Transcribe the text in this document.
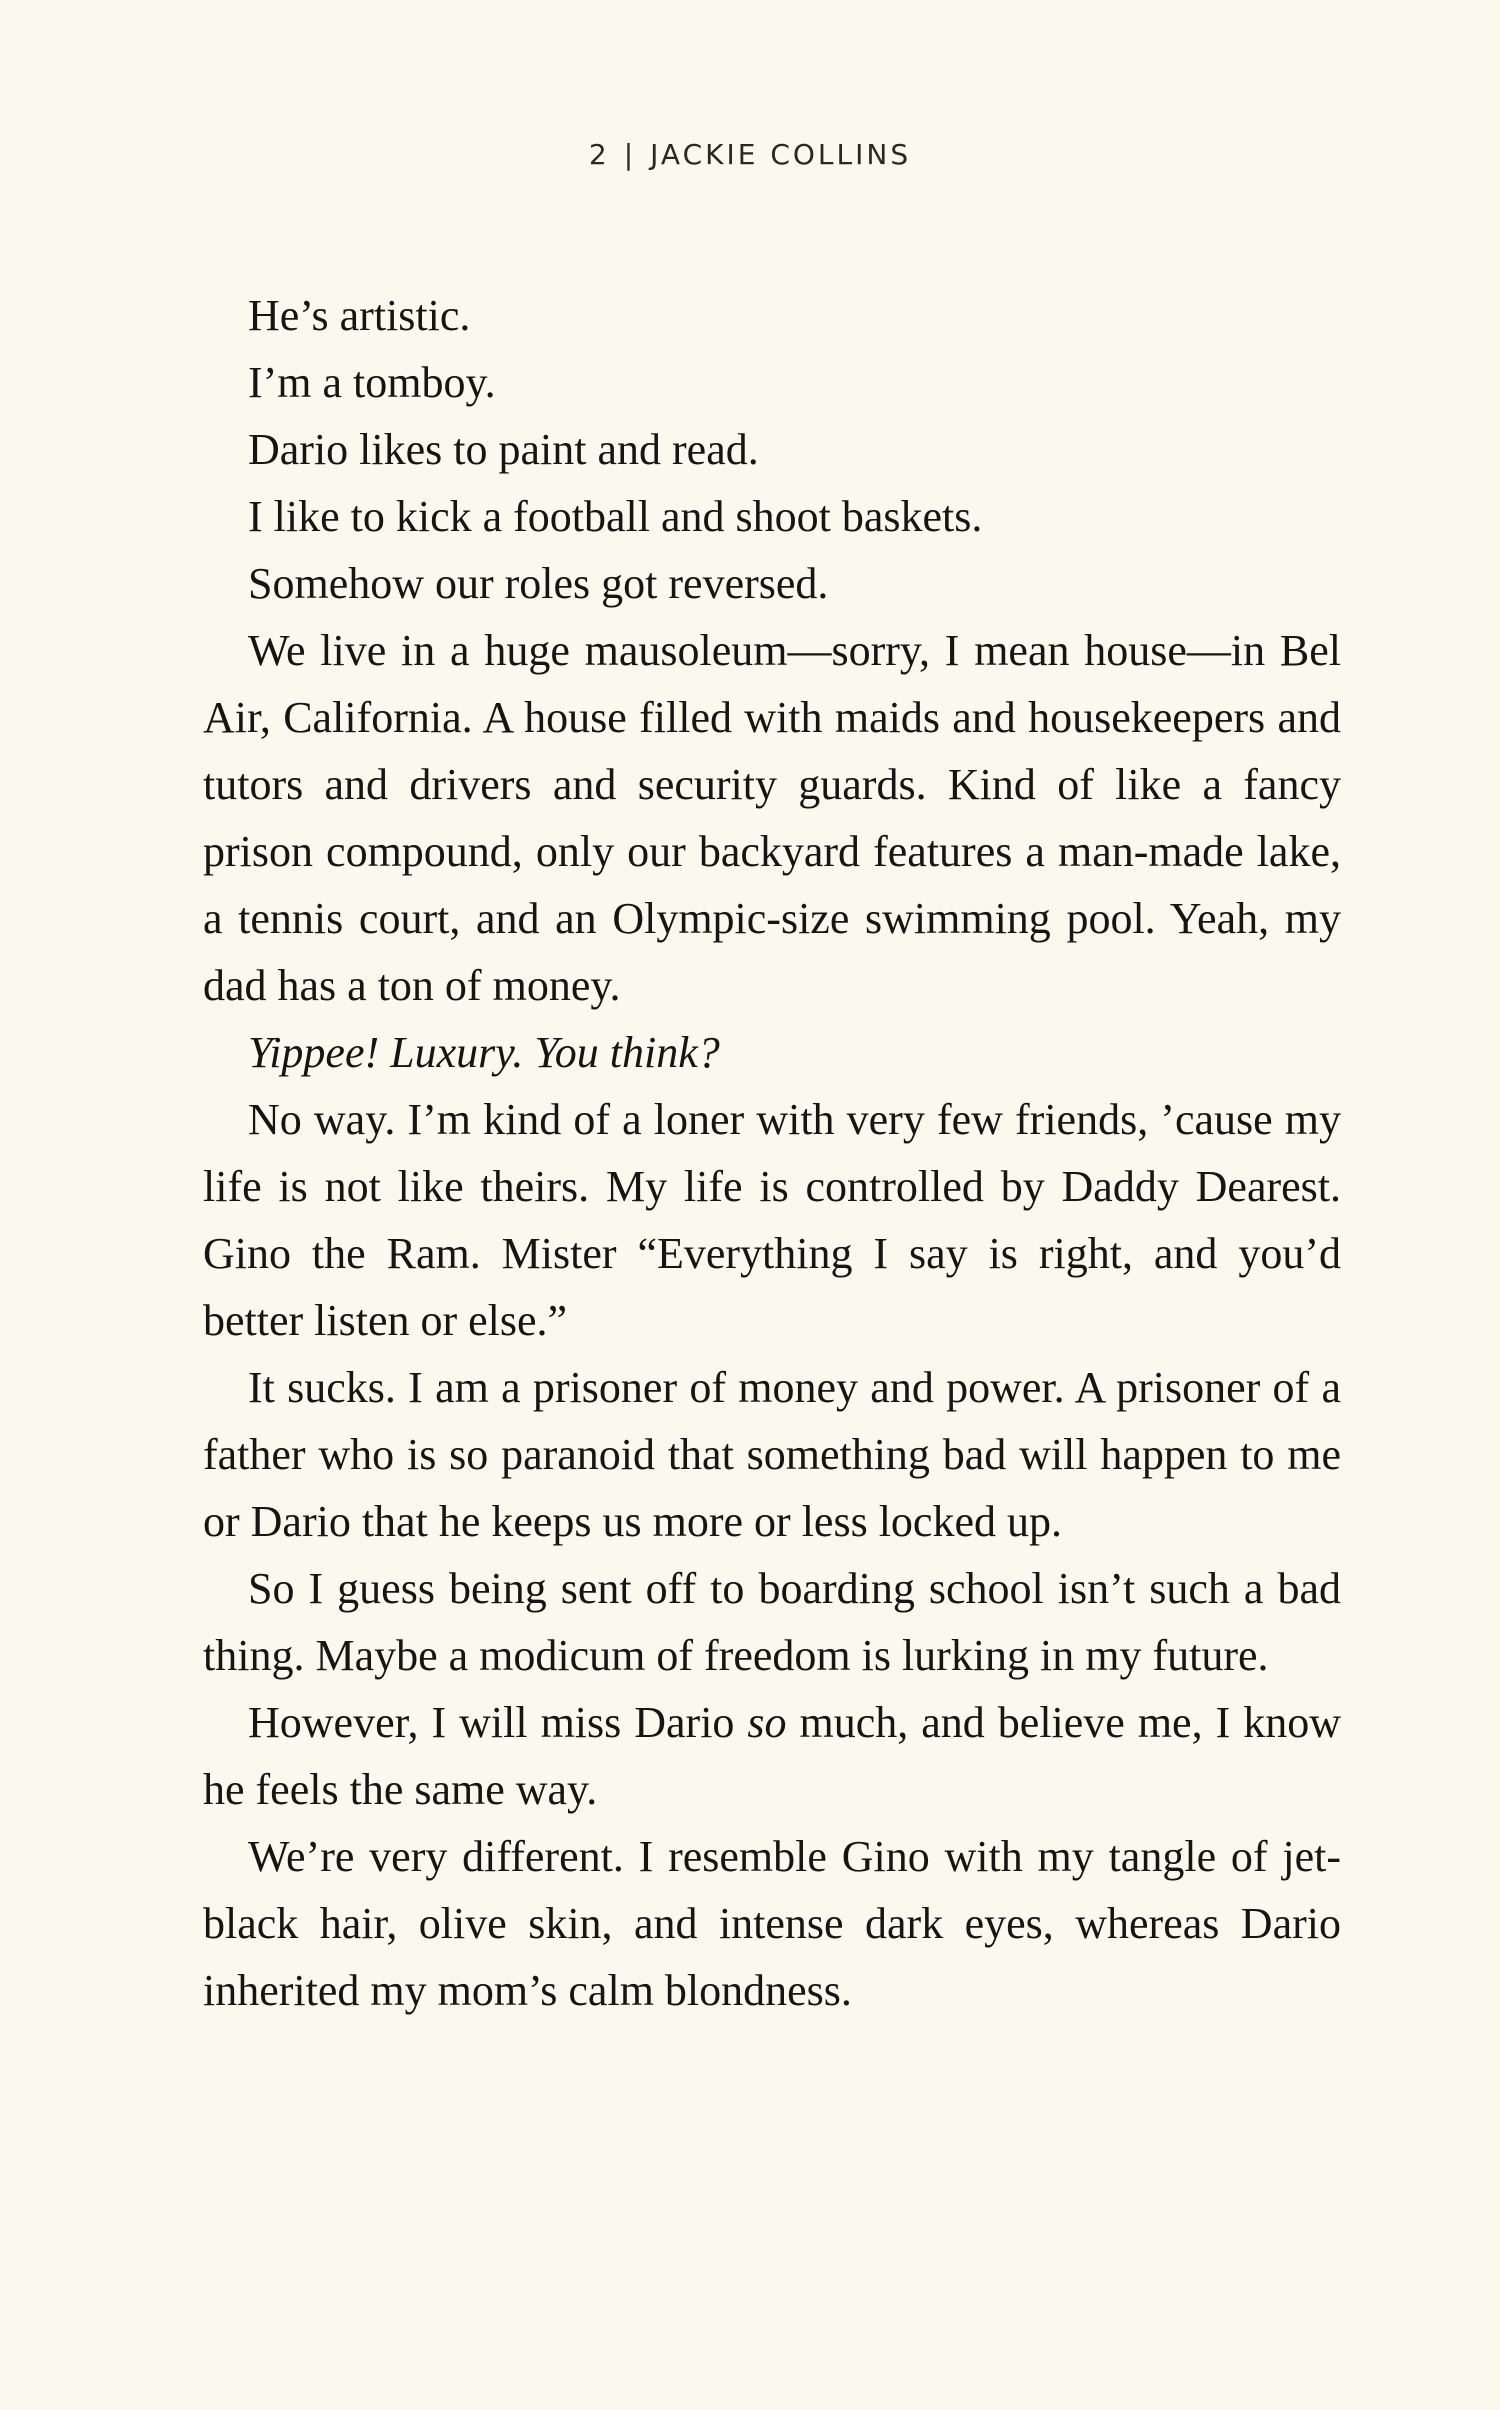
2 | JACKIE COLLINS

He’s artistic.

I’m a tomboy.

Dario likes to paint and read.

I like to kick a football and shoot baskets.

Somehow our roles got reversed.

We live in a huge mausoleum—sorry, I mean house—in Bel Air, California. A house filled with maids and housekeepers and tutors and drivers and security guards. Kind of like a fancy prison compound, only our backyard features a man-made lake, a tennis court, and an Olympic-size swimming pool. Yeah, my dad has a ton of money.

Yippee! Luxury. You think?

No way. I’m kind of a loner with very few friends, ’cause my life is not like theirs. My life is controlled by Daddy Dearest. Gino the Ram. Mister “Everything I say is right, and you’d better listen or else.”

It sucks. I am a prisoner of money and power. A prisoner of a father who is so paranoid that something bad will happen to me or Dario that he keeps us more or less locked up.

So I guess being sent off to boarding school isn’t such a bad thing. Maybe a modicum of freedom is lurking in my future.

However, I will miss Dario so much, and believe me, I know he feels the same way.

We’re very different. I resemble Gino with my tangle of jet-black hair, olive skin, and intense dark eyes, whereas Dario inherited my mom’s calm blondness.
